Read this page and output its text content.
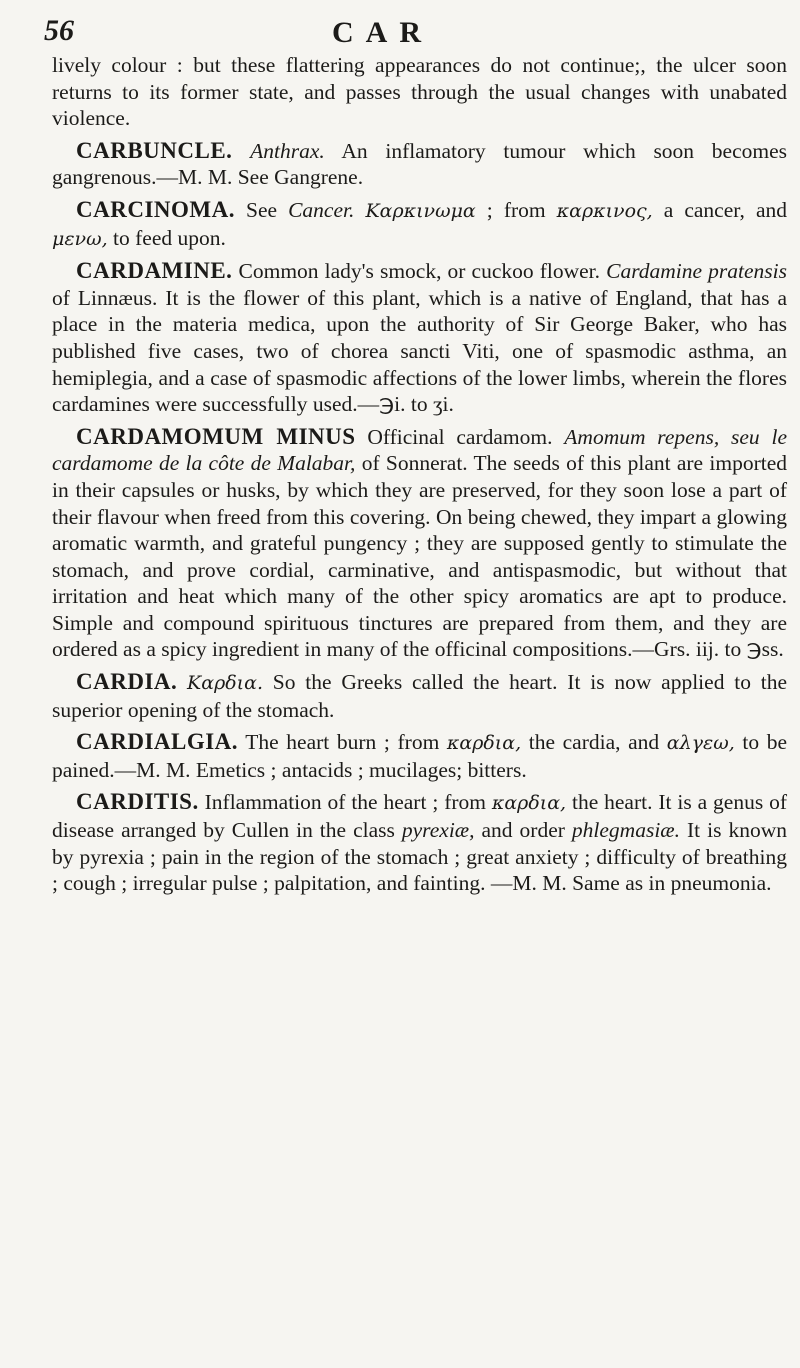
56	CAR

lively colour : but these flattering appearances do not continue;, the ulcer soon returns to its former state, and passes through the usual changes with unabated violence.

CARBUNCLE. Anthrax. An inflamatory tumour which soon becomes gangrenous.—M. M. See Gangrene.

CARCINOMA. See Cancer. Καρκινωμα ; from καρκινος, a cancer, and μενω, to feed upon.

CARDAMINE. Common lady's smock, or cuckoo flower. Cardamine pratensis of Linnæus. It is the flower of this plant, which is a native of England, that has a place in the materia medica, upon the authority of Sir George Baker, who has published five cases, two of chorea sancti Viti, one of spasmodic asthma, an hemiplegia, and a case of spasmodic affections of the lower limbs, wherein the flores cardamines were successfully used.—℈i. to ʒi.

CARDAMOMUM MINUS Officinal cardamom. Amomum repens, seu le cardamome de la côte de Malabar, of Sonnerat. The seeds of this plant are imported in their capsules or husks, by which they are preserved, for they soon lose a part of their flavour when freed from this covering. On being chewed, they impart a glowing aromatic warmth, and grateful pungency ; they are supposed gently to stimulate the stomach, and prove cordial, carminative, and antispasmodic, but without that irritation and heat which many of the other spicy aromatics are apt to produce. Simple and compound spirituous tinctures are prepared from them, and they are ordered as a spicy ingredient in many of the officinal compositions.—Grs. iij. to ℈ss.

CARDIA. Καρδια. So the Greeks called the heart. It is now applied to the superior opening of the stomach.

CARDIALGIA. The heart burn ; from καρδια, the cardia, and αλγεω, to be pained.—M. M. Emetics ; antacids ; mucilages; bitters.

CARDITIS. Inflammation of the heart ; from καρδια, the heart. It is a genus of disease arranged by Cullen in the class pyrexiæ, and order phlegmasiæ. It is known by pyrexia ; pain in the region of the stomach ; great anxiety ; difficulty of breathing ; cough ; irregular pulse ; palpitation, and fainting. —M. M. Same as in pneumonia.
